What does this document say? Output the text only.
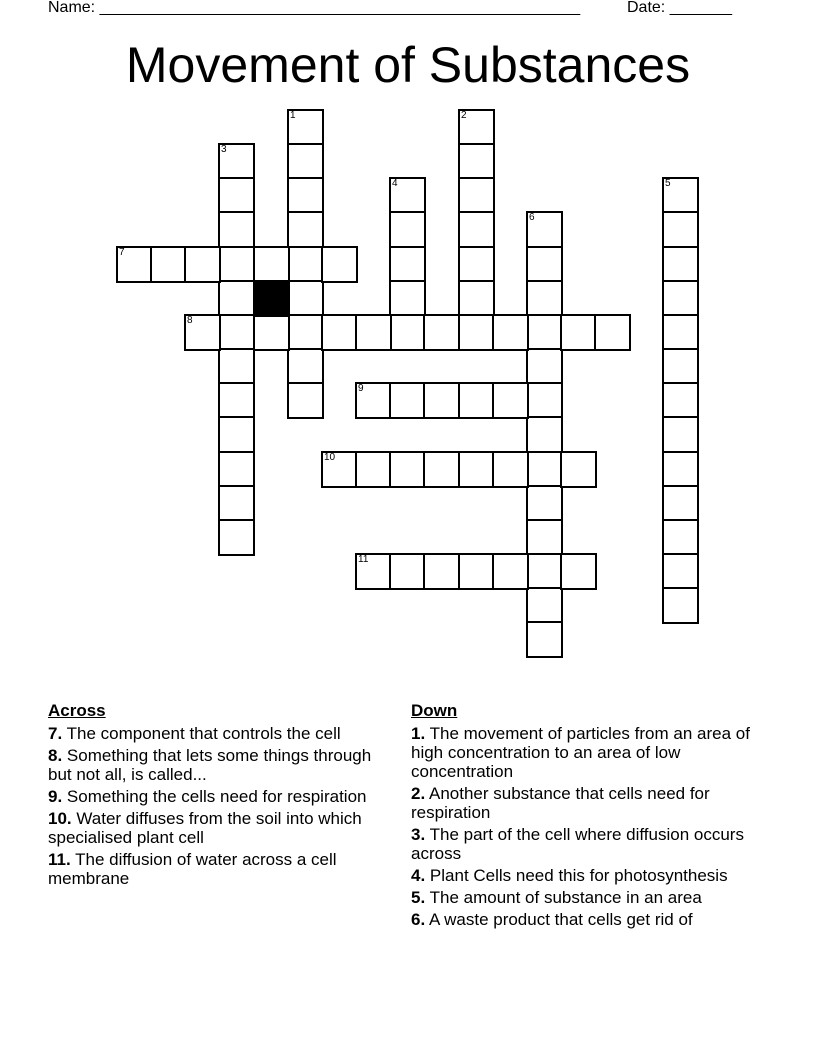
Name: ______________________________________________________	Date: _______
Movement of Substances
1	2
3
4	5
6
7
8
9
10
11
Across
7. The component that controls the cell
8. Something that lets some things through but not all, is called...
9. Something the cells need for respiration
10. Water diffuses from the soil into which specialised plant cell
11. The diffusion of water across a cell membrane
Down
1. The movement of particles from an area of high concentration to an area of low concentration
2. Another substance that cells need for respiration
3. The part of the cell where diffusion occurs across
4. Plant Cells need this for photosynthesis
5. The amount of substance in an area
6. A waste product that cells get rid of
